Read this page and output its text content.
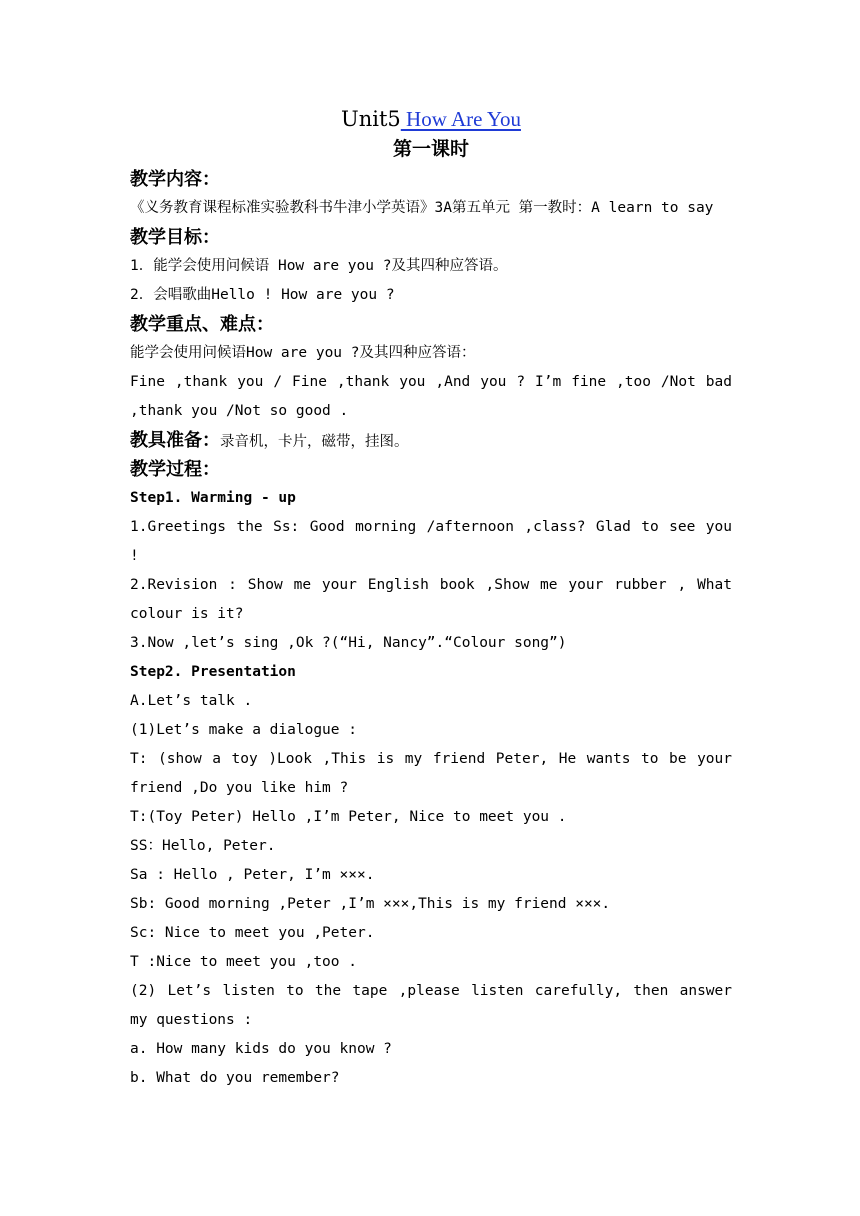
Unit5 How Are You
第一课时
教学内容：
《义务教育课程标准实验教科书牛津小学英语》3A第五单元 第一教时：A learn to say
教学目标：
1．能学会使用问候语 How are you ?及其四种应答语。
2．会唱歌曲Hello ! How are you ?
教学重点、难点：
能学会使用问候语How are you ?及其四种应答语：
Fine ,thank you / Fine ,thank you ,And you ? I’m fine ,too /Not bad ,thank you /Not so good .
教具准备：录音机，卡片，磁带，挂图。
教学过程：
Step1. Warming - up
1.Greetings the Ss: Good morning /afternoon ,class? Glad to see you !
2.Revision : Show me your English book ,Show me your rubber , What colour is it?
3.Now ,let’s sing ,Ok ?(“Hi, Nancy”.“Colour song”)
Step2. Presentation
A.Let’s talk .
(1)Let’s make a dialogue :
T: (show a toy )Look ,This is my friend Peter, He wants to be your friend ,Do you like him ?
T:(Toy Peter) Hello ,I’m Peter, Nice to meet you .
SS：Hello, Peter.
Sa : Hello , Peter, I’m ×××.
Sb: Good morning ,Peter ,I’m ×××,This is my friend ×××.
Sc: Nice to meet you ,Peter.
T :Nice to meet you ,too .
(2) Let’s listen to the tape ,please listen carefully, then answer my questions :
a. How many kids do you know ?
b. What do you remember?
